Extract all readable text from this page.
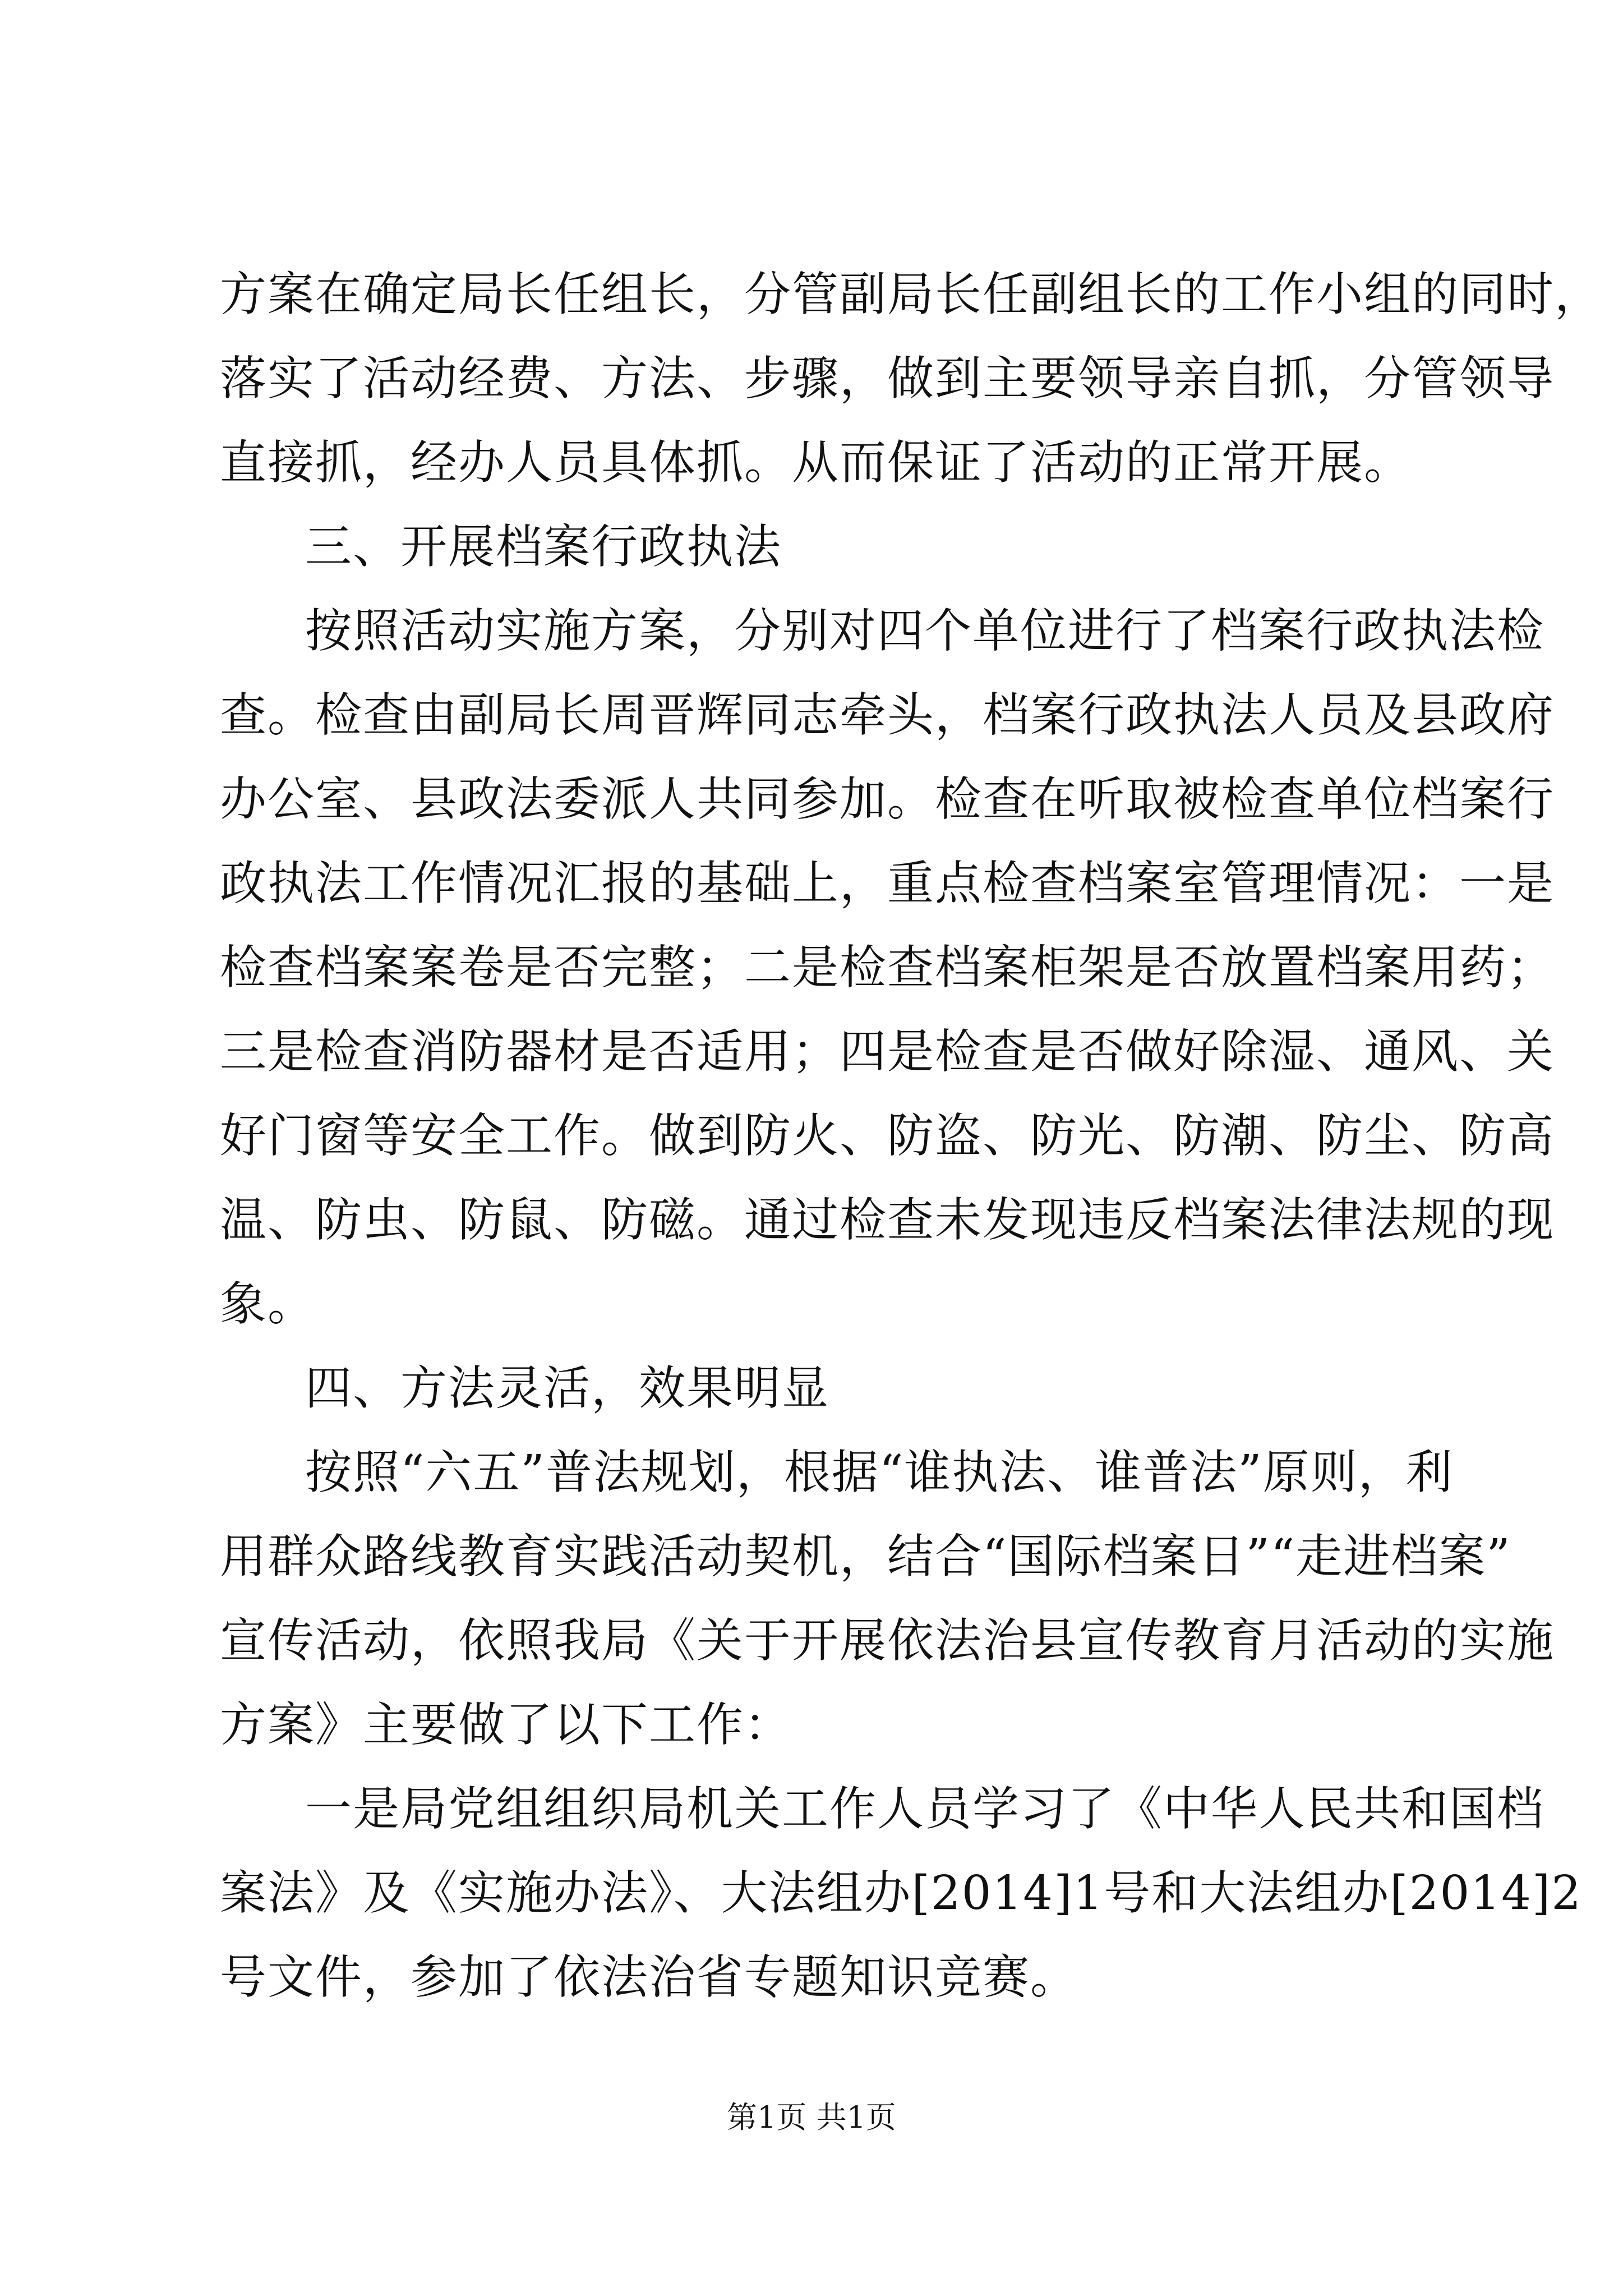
方案在确定局长任组长，分管副局长任副组长的工作小组的同时，
落实了活动经费、方法、步骤，做到主要领导亲自抓，分管领导
直接抓，经办人员具体抓。从而保证了活动的正常开展。
三、开展档案行政执法
按照活动实施方案，分别对四个单位进行了档案行政执法检
查。检查由副局长周晋辉同志牵头，档案行政执法人员及县政府
办公室、县政法委派人共同参加。检查在听取被检查单位档案行
政执法工作情况汇报的基础上，重点检查档案室管理情况：一是
检查档案案卷是否完整；二是检查档案柜架是否放置档案用药；
三是检查消防器材是否适用；四是检查是否做好除湿、通风、关
好门窗等安全工作。做到防火、防盗、防光、防潮、防尘、防高
温、防虫、防鼠、防磁。通过检查未发现违反档案法律法规的现
象。
四、方法灵活，效果明显
按照“六五”普法规划，根据“谁执法、谁普法”原则，利
用群众路线教育实践活动契机，结合“国际档案日”“走进档案”
宣传活动，依照我局《关于开展依法治县宣传教育月活动的实施
方案》主要做了以下工作：
一是局党组组织局机关工作人员学习了《中华人民共和国档
案法》及《实施办法》、大法组办[2014]1号和大法组办[2014]2
号文件，参加了依法治省专题知识竞赛。
第1页 共1页
